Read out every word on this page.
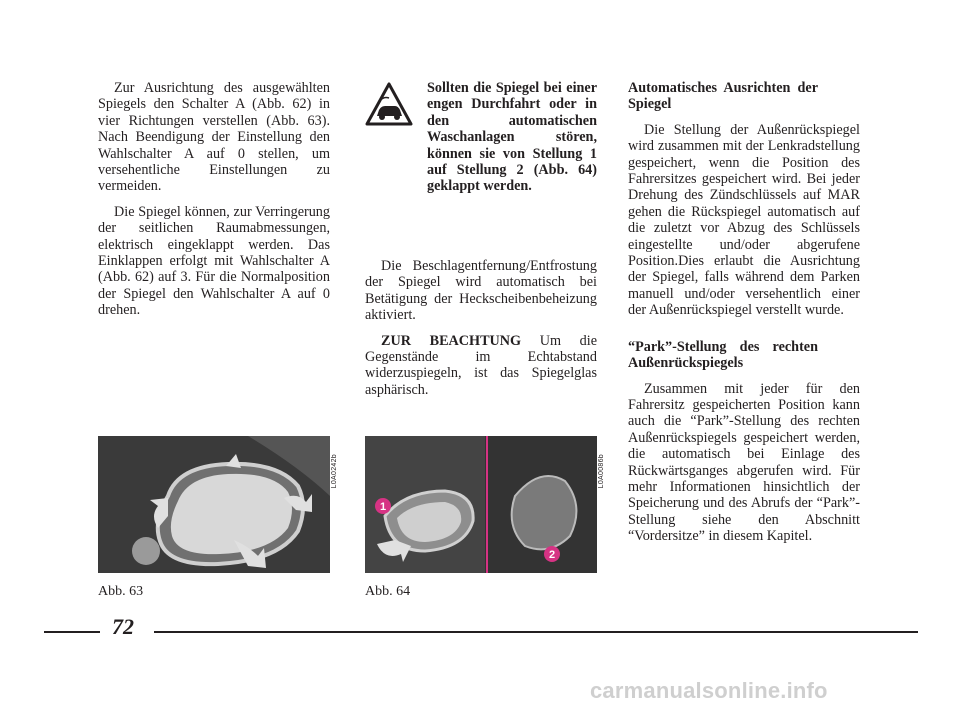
Zur Ausrichtung des ausgewählten Spiegels den Schalter A (Abb. 62) in vier Richtungen verstellen (Abb. 63). Nach Beendigung der Einstellung den Wahlschalter A auf 0 stellen, um versehentliche Einstellungen zu vermeiden.

Die Spiegel können, zur Verringerung der seitlichen Raumabmessungen, elektrisch eingeklappt werden. Das Einklappen erfolgt mit Wahlschalter A (Abb. 62) auf 3. Für die Normalposition der Spiegel den Wahlschalter A auf 0 drehen.

Sollten die Spiegel bei einer engen Durchfahrt oder in den automatischen Waschanlagen stören, können sie von Stellung 1 auf Stellung 2 (Abb. 64) geklappt werden.

Die Beschlagentfernung/Entfrostung der Spiegel wird automatisch bei Betätigung der Heckscheibenbeheizung aktiviert.

ZUR BEACHTUNG Um die Gegenstände im Echtabstand widerzuspiegeln, ist das Spiegelglas asphärisch.

Automatisches Ausrichten der Spiegel

Die Stellung der Außenrückspiegel wird zusammen mit der Lenkradstellung gespeichert, wenn die Position des Fahrersitzes gespeichert wird. Bei jeder Drehung des Zündschlüssels auf MAR gehen die Rückspiegel automatisch auf die zuletzt vor Abzug des Schlüssels eingestellte und/oder abgerufene Position.Dies erlaubt die Ausrichtung der Spiegel, falls während dem Parken manuell und/oder versehentlich einer der Außenrückspiegel verstellt wurde.

“Park”-Stellung des rechten Außenrückspiegels

Zusammen mit jeder für den Fahrersitz gespeicherten Position kann auch die “Park”-Stellung des rechten Außenrückspiegels gespeichert werden, die automatisch bei Einlage des Rückwärtsganges abgerufen wird. Für mehr Informationen hinsichtlich der Speicherung und des Abrufs der “Park”-Stellung siehe den Abschnitt “Vordersitze” in diesem Kapitel.

L0A0242b
Abb. 63
1
2
L0A0086b
Abb. 64
72
carmanualsonline.info
